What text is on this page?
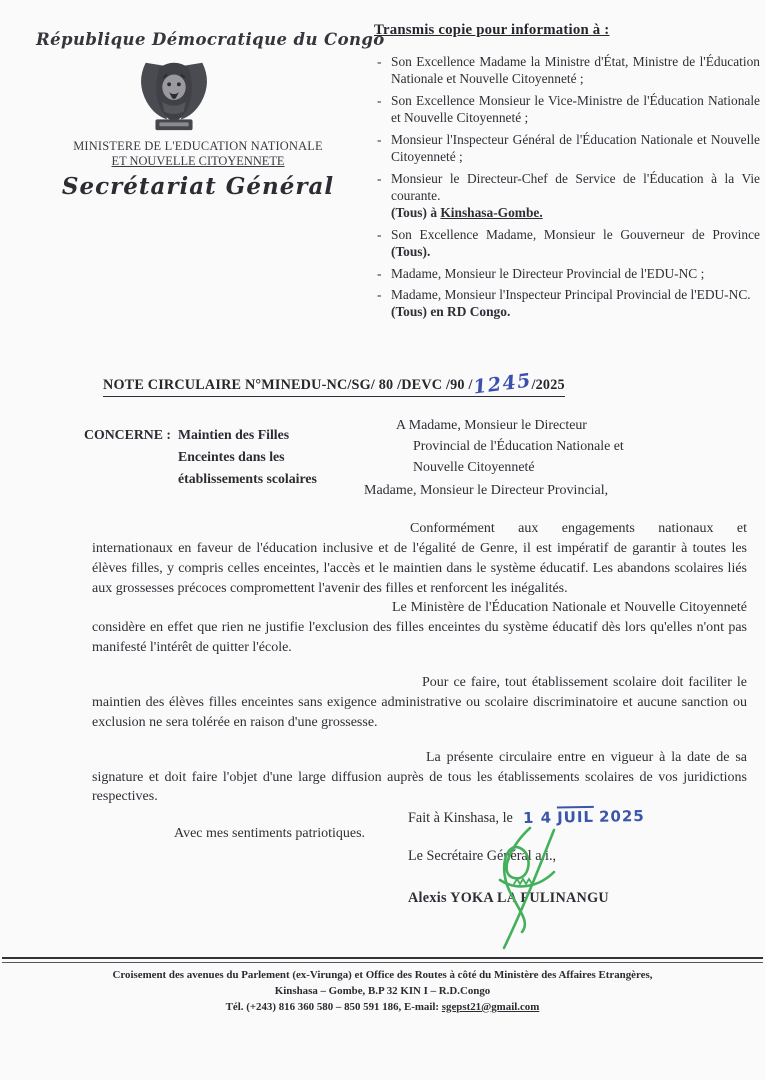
République Démocratique du Congo
MINISTERE DE L'EDUCATION NATIONALE
ET NOUVELLE CITOYENNETE
Secrétariat Général
Transmis copie pour information à :
- Son Excellence Madame la Ministre d'État, Ministre de l'Éducation Nationale et Nouvelle Citoyenneté ;
- Son Excellence Monsieur le Vice-Ministre de l'Éducation Nationale et Nouvelle Citoyenneté ;
- Monsieur l'Inspecteur Général de l'Éducation Nationale et Nouvelle Citoyenneté ;
- Monsieur le Directeur-Chef de Service de l'Éducation à la Vie courante.
(Tous) à Kinshasa-Gombe.
- Son Excellence Madame, Monsieur le Gouverneur de Province (Tous).
- Madame, Monsieur le Directeur Provincial de l'EDU-NC ;
- Madame, Monsieur l'Inspecteur Principal Provincial de l'EDU-NC.
(Tous) en RD Congo.
NOTE CIRCULAIRE N°MINEDU-NC/SG/ 80 /DEVC /90 /1245/2025
CONCERNE : Maintien des Filles
Enceintes dans les
établissements scolaires
A Madame, Monsieur le Directeur
Provincial de l'Éducation Nationale et
Nouvelle Citoyenneté
Madame, Monsieur le Directeur Provincial,

Conformément aux engagements nationaux et internationaux en faveur de l'éducation inclusive et de l'égalité de Genre, il est impératif de garantir à toutes les élèves filles, y compris celles enceintes, l'accès et le maintien dans le système éducatif. Les abandons scolaires liés aux grossesses précoces compromettent l'avenir des filles et renforcent les inégalités.

Le Ministère de l'Éducation Nationale et Nouvelle Citoyenneté considère en effet que rien ne justifie l'exclusion des filles enceintes du système éducatif dès lors qu'elles n'ont pas manifesté l'intérêt de quitter l'école.

Pour ce faire, tout établissement scolaire doit faciliter le maintien des élèves filles enceintes sans exigence administrative ou scolaire discriminatoire et aucune sanction ou exclusion ne sera tolérée en raison d'une grossesse.

La présente circulaire entre en vigueur à la date de sa signature et doit faire l'objet d'une large diffusion auprès de tous les établissements scolaires de vos juridictions respectives.

Avec mes sentiments patriotiques.
Fait à Kinshasa, le 1 4 JUIL 2025
Le Secrétaire Général a.i.,
Alexis YOKA LA FULINANGU
Croisement des avenues du Parlement (ex-Virunga) et Office des Routes à côté du Ministère des Affaires Etrangères,
Kinshasa – Gombe, B.P 32 KIN I – R.D.Congo
Tél. (+243) 816 360 580 – 850 591 186, E-mail: sgepst21@gmail.com
